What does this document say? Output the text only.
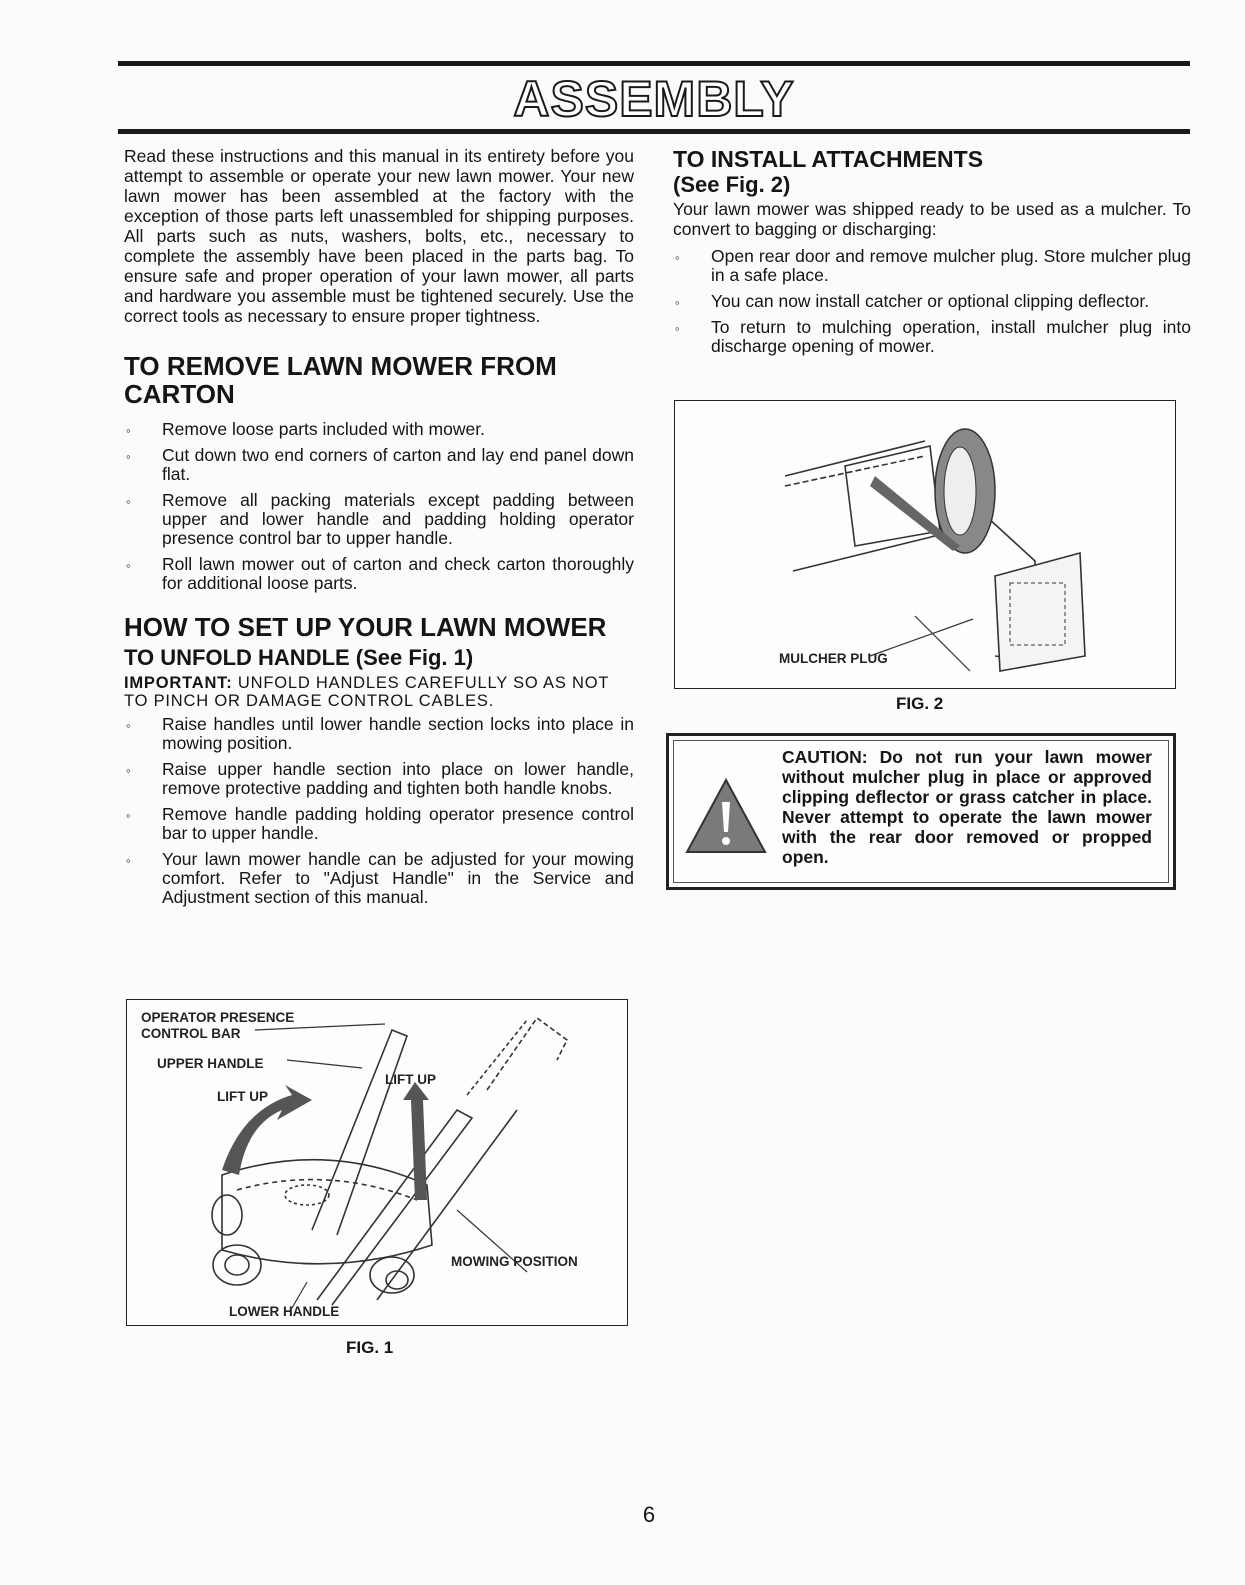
ASSEMBLY

Read these instructions and this manual in its entirety before you attempt to assemble or operate your new lawn mower. Your new lawn mower has been assembled at the factory with the exception of those parts left unassembled for shipping purposes. All parts such as nuts, washers, bolts, etc., necessary to complete the assembly have been placed in the parts bag. To ensure safe and proper operation of your lawn mower, all parts and hardware you assemble must be tightened securely. Use the correct tools as necessary to ensure proper tightness.

TO REMOVE LAWN MOWER FROM CARTON
◦ Remove loose parts included with mower.
◦ Cut down two end corners of carton and lay end panel down flat.
◦ Remove all packing materials except padding between upper and lower handle and padding holding operator presence control bar to upper handle.
◦ Roll lawn mower out of carton and check carton thoroughly for additional loose parts.
HOW TO SET UP YOUR LAWN MOWER
TO UNFOLD HANDLE (See Fig. 1)

IMPORTANT: UNFOLD HANDLES CAREFULLY SO AS NOT TO PINCH OR DAMAGE CONTROL CABLES.

◦ Raise handles until lower handle section locks into place in mowing position.
◦ Raise upper handle section into place on lower handle, remove protective padding and tighten both handle knobs.
◦ Remove handle padding holding operator presence control bar to upper handle.
◦ Your lawn mower handle can be adjusted for your mowing comfort. Refer to "Adjust Handle" in the Service and Adjustment section of this manual.
OPERATOR PRESENCE
CONTROL BAR
UPPER HANDLE
LIFT UP
LIFT UP
MOWING POSITION
LOWER HANDLE
FIG. 1
TO INSTALL ATTACHMENTS
(See Fig. 2)

Your lawn mower was shipped ready to be used as a mulcher. To convert to bagging or discharging:

◦ Open rear door and remove mulcher plug. Store mulcher plug in a safe place.
◦ You can now install catcher or optional clipping deflector.
◦ To return to mulching operation, install mulcher plug into discharge opening of mower.
MULCHER PLUG
FIG. 2

CAUTION: Do not run your lawn mower without mulcher plug in place or approved clipping deflector or grass catcher in place. Never attempt to operate the lawn mower with the rear door removed or propped open.

6
